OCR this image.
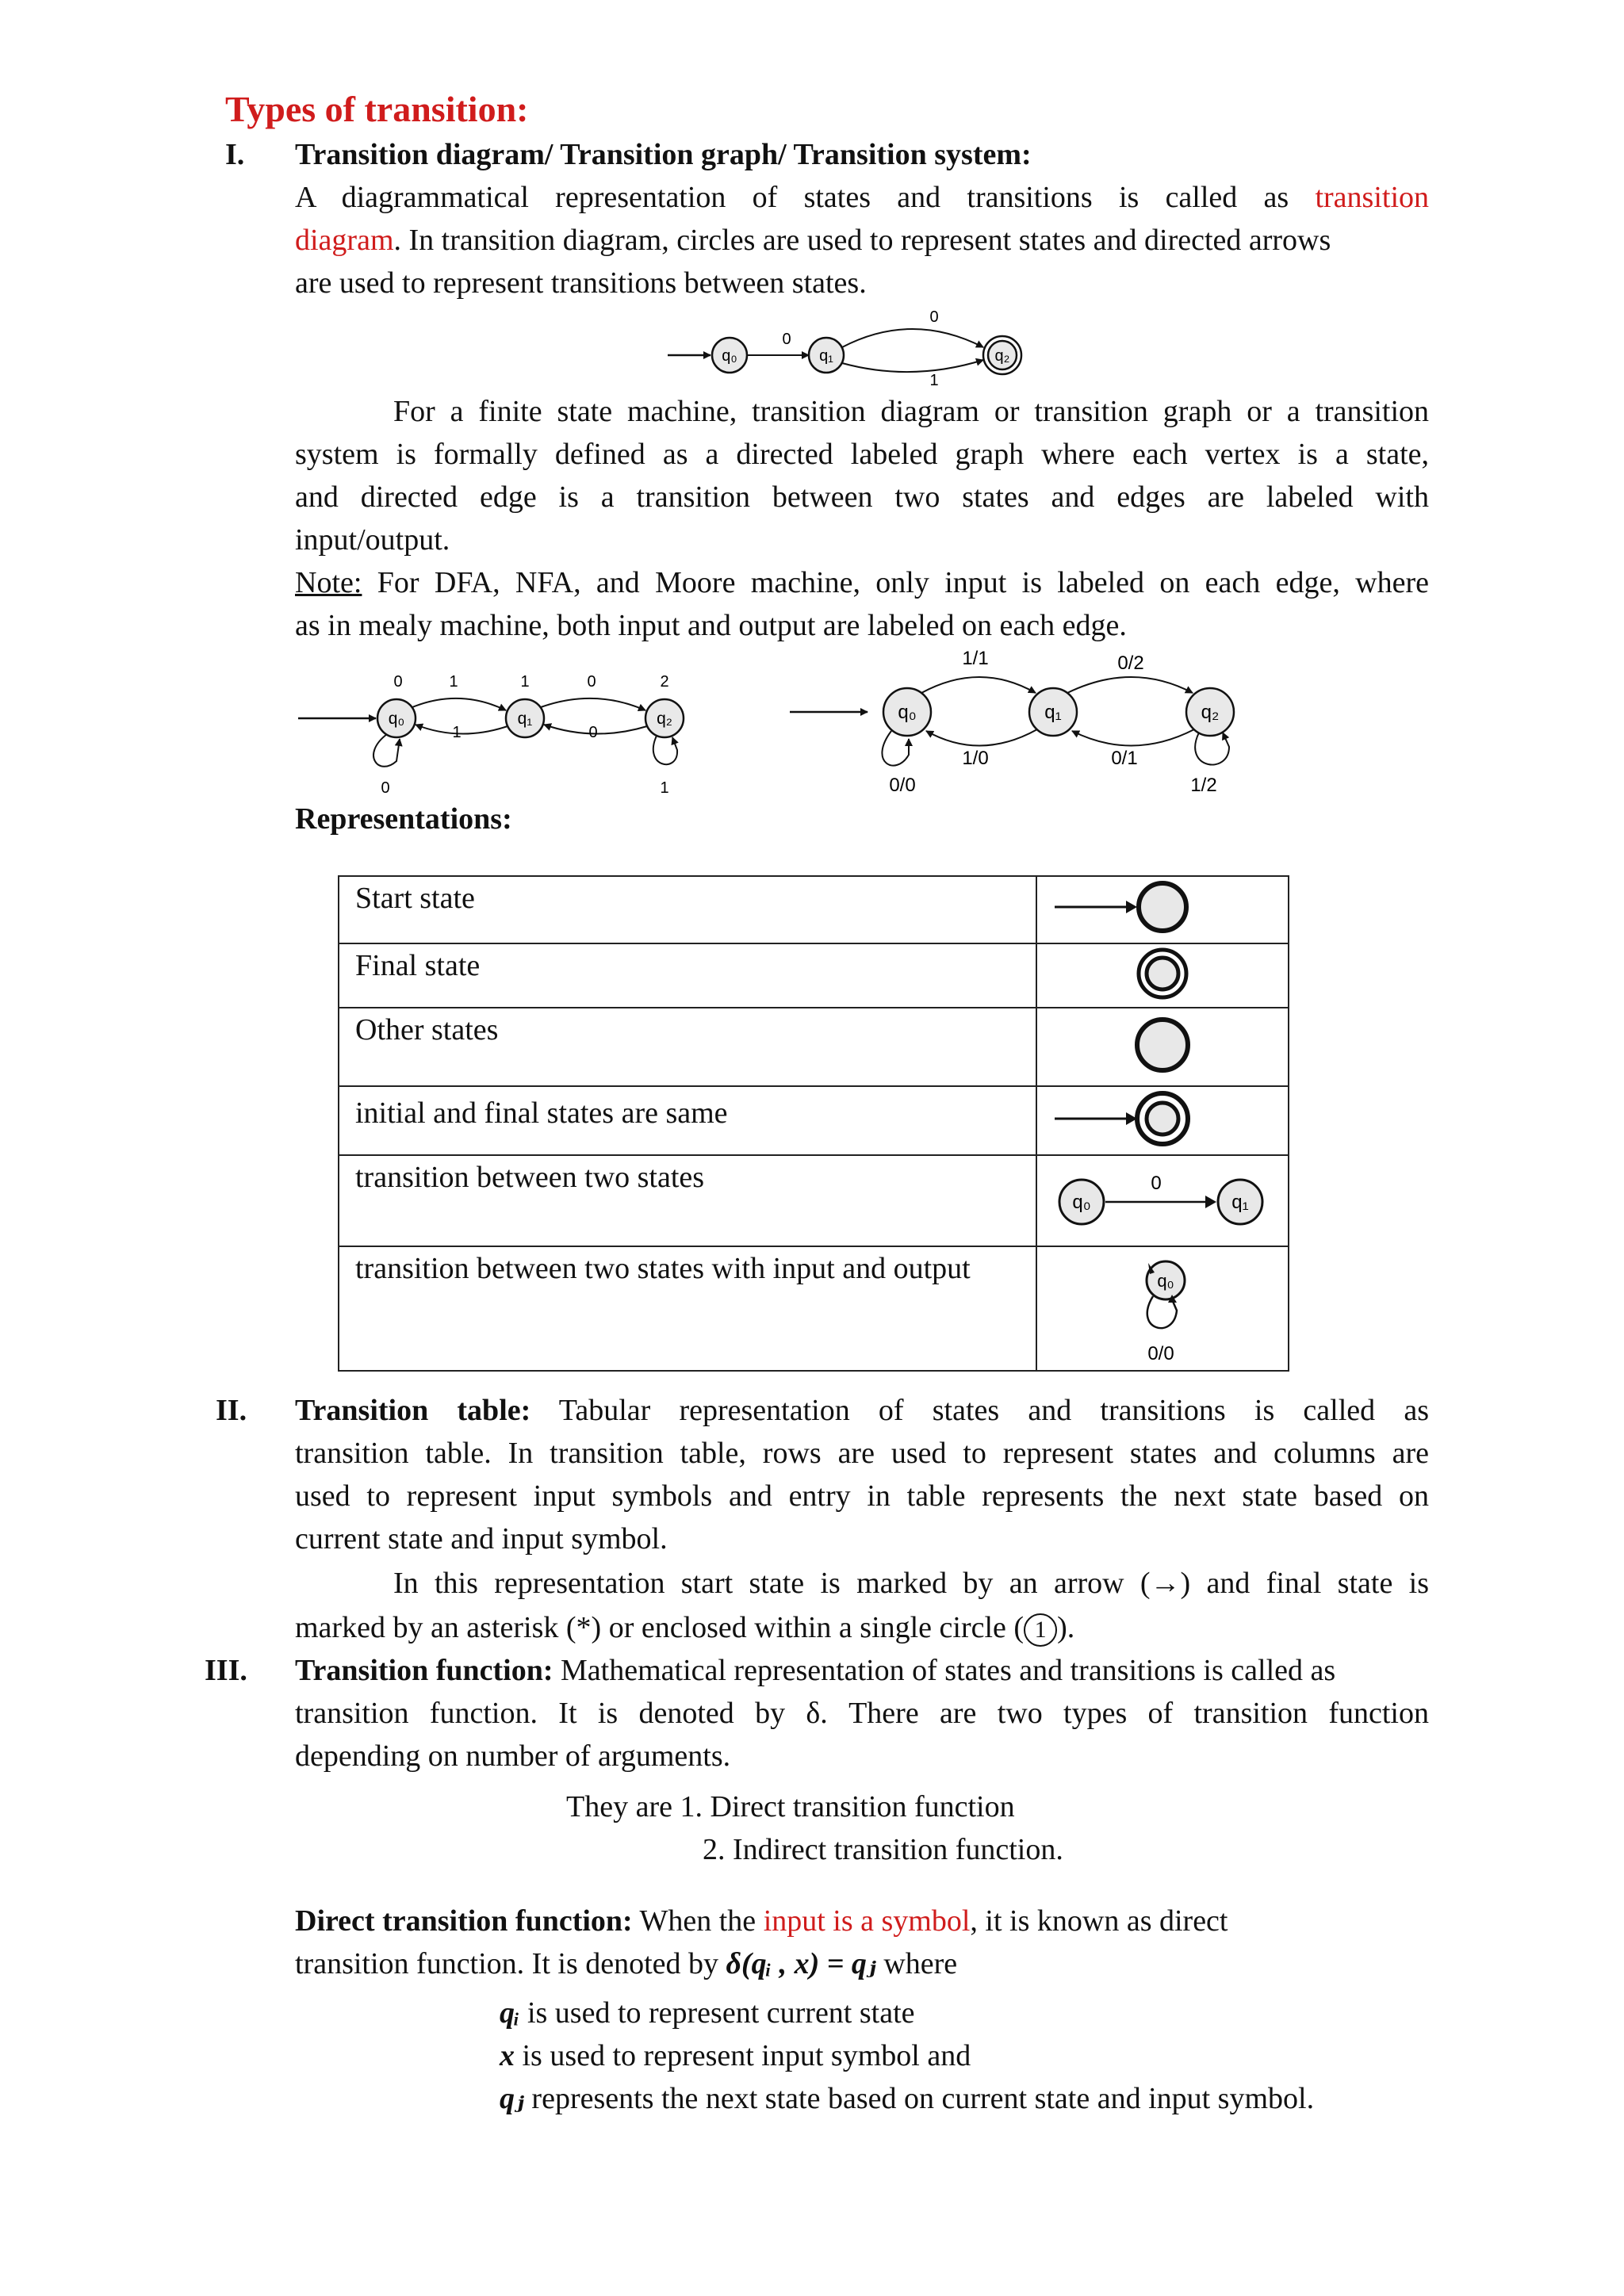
Types of transition:
I. Transition diagram/ Transition graph/ Transition system:
A diagrammatical representation of states and transitions is called as transition
diagram. In transition diagram, circles are used to represent states and directed arrows
are used to represent transitions between states.
q₀
0
q₁
0
1
q₂
For a finite state machine, transition diagram or transition graph or a transition
system is formally defined as a directed labeled graph where each vertex is a state,
and directed edge is a transition between two states and edges are labeled with
input/output.
Note: For DFA, NFA, and Moore machine, only input is labeled on each edge, where
as in mealy machine, both input and output are labeled on each edge.
q₀	q₁	q₂
0	1	1	0	2
1	0
0	1
q₀	q₁	q₂
1/1	0/2
1/0	0/1
0/0	1/2
Representations:
Start state

Final state

Other states

initial and final states are same

transition between two states	q₀
0
q₁

transition between two states with input and output	q₀
0/0
II. Transition table: Tabular representation of states and transitions is called as
transition table. In transition table, rows are used to represent states and columns are
used to represent input symbols and entry in table represents the next state based on
current state and input symbol.
In this representation start state is marked by an arrow (→) and final state is
marked by an asterisk (*) or enclosed within a single circle ( 1 ).
III. Transition function: Mathematical representation of states and transitions is called as
transition function. It is denoted by δ. There are two types of transition function
depending on number of arguments.
They are 1. Direct transition function
2. Indirect transition function.
Direct transition function: When the input is a symbol, it is known as direct
transition function. It is denoted by δ(qᵢ , x) = qⱼ where
qᵢ is used to represent current state
x is used to represent input symbol and
qⱼ represents the next state based on current state and input symbol.
